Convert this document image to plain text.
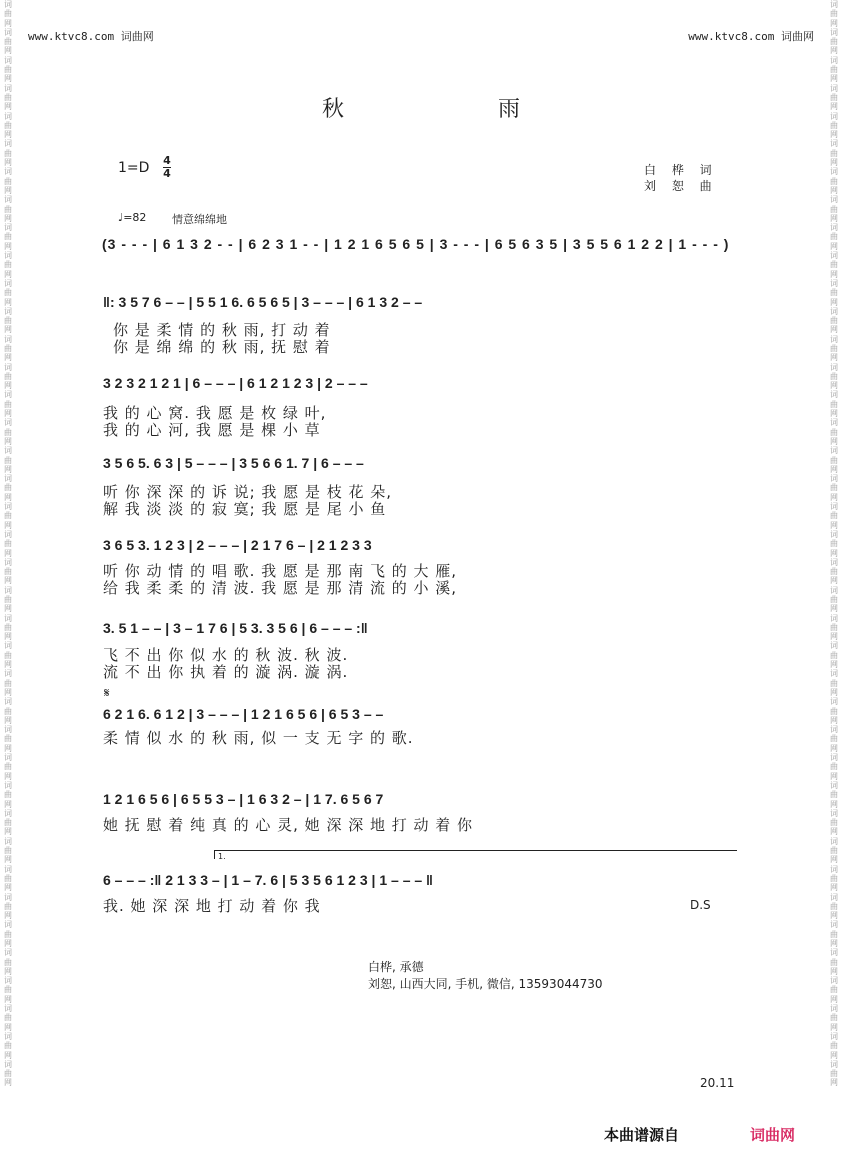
词曲网词曲网词曲网词曲网词曲网词曲网词曲网词曲网词曲网词曲网词曲网词曲网词曲网词曲网词曲网词曲网词曲网词曲网词曲网词曲网词曲网词曲网词曲网词曲网词曲网词曲网词曲网词曲网词曲网词曲网词曲网词曲网词曲网词曲网词曲网词曲网词曲网词曲网词曲网
词曲网词曲网词曲网词曲网词曲网词曲网词曲网词曲网词曲网词曲网词曲网词曲网词曲网词曲网词曲网词曲网词曲网词曲网词曲网词曲网词曲网词曲网词曲网词曲网词曲网词曲网词曲网词曲网词曲网词曲网词曲网词曲网词曲网词曲网词曲网词曲网词曲网词曲网词曲网
www.ktvc8.com 词曲网	www.ktvc8.com 词曲网
秋	雨
1=D 4
4	白 桦 词
刘 恕 曲
♩=82 情意绵绵地
(3 - - - | 6 1 3 2 - - | 6 2 3 1 - - | 1 2 1 6 5 6 5 | 3 - - - | 6 5 6 3 5 | 3 5 5 6 1 2 2 | 1 - - - )
‖: 3 5 7 6 – – | 5 5 1 6. 6 5 6 5 | 3 – – – | 6 1 3 2 – –
你 是 柔 情 的 秋 雨, 打 动 着
你 是 绵 绵 的 秋 雨, 抚 慰 着
3 2 3 2 1 2 1 | 6 – – – | 6 1 2 1 2 3 | 2 – – –
我 的 心 窝. 我 愿 是 枚 绿 叶,
我 的 心 河, 我 愿 是 棵 小 草
3 5 6 5. 6 3 | 5 – – – | 3 5 6 6 1. 7 | 6 – – –
听 你 深 深 的 诉 说; 我 愿 是 枝 花 朵,
解 我 淡 淡 的 寂 寞; 我 愿 是 尾 小 鱼
3 6 5 3. 1 2 3 | 2 – – – | 2 1 7 6 – | 2 1 2 3 3
听 你 动 情 的 唱 歌. 我 愿 是 那 南 飞 的 大 雁,
给 我 柔 柔 的 清 波. 我 愿 是 那 清 流 的 小 溪,
3. 5 1 – – | 3 – 1 7 6 | 5 3. 3 5 6 | 6 – – – :‖
飞 不 出 你 似 水 的 秋 波. 秋 波.
流 不 出 你 执 着 的 漩 涡. 漩 涡.
𝄋
6 2 1 6. 6 1 2 | 3 – – – | 1 2 1 6 5 6 | 6 5 3 – –
柔 情 似 水 的 秋 雨, 似 一 支 无 字 的 歌.
1 2 1 6 5 6 | 6 5 5 3 – | 1 6 3 2 – | 1 7. 6 5 6 7
她 抚 慰 着 纯 真 的 心 灵, 她 深 深 地 打 动 着 你
1.
6 – – – :‖ 2 1 3 3 – | 1 – 7. 6 | 5 3 5 6 1 2 3 | 1 – – – ‖
我. 她 深 深 地 打 动 着 你 我	D.S
白桦, 承德
刘恕, 山西大同, 手机, 微信, 13593044730
20.11
本曲谱源自	词曲网
